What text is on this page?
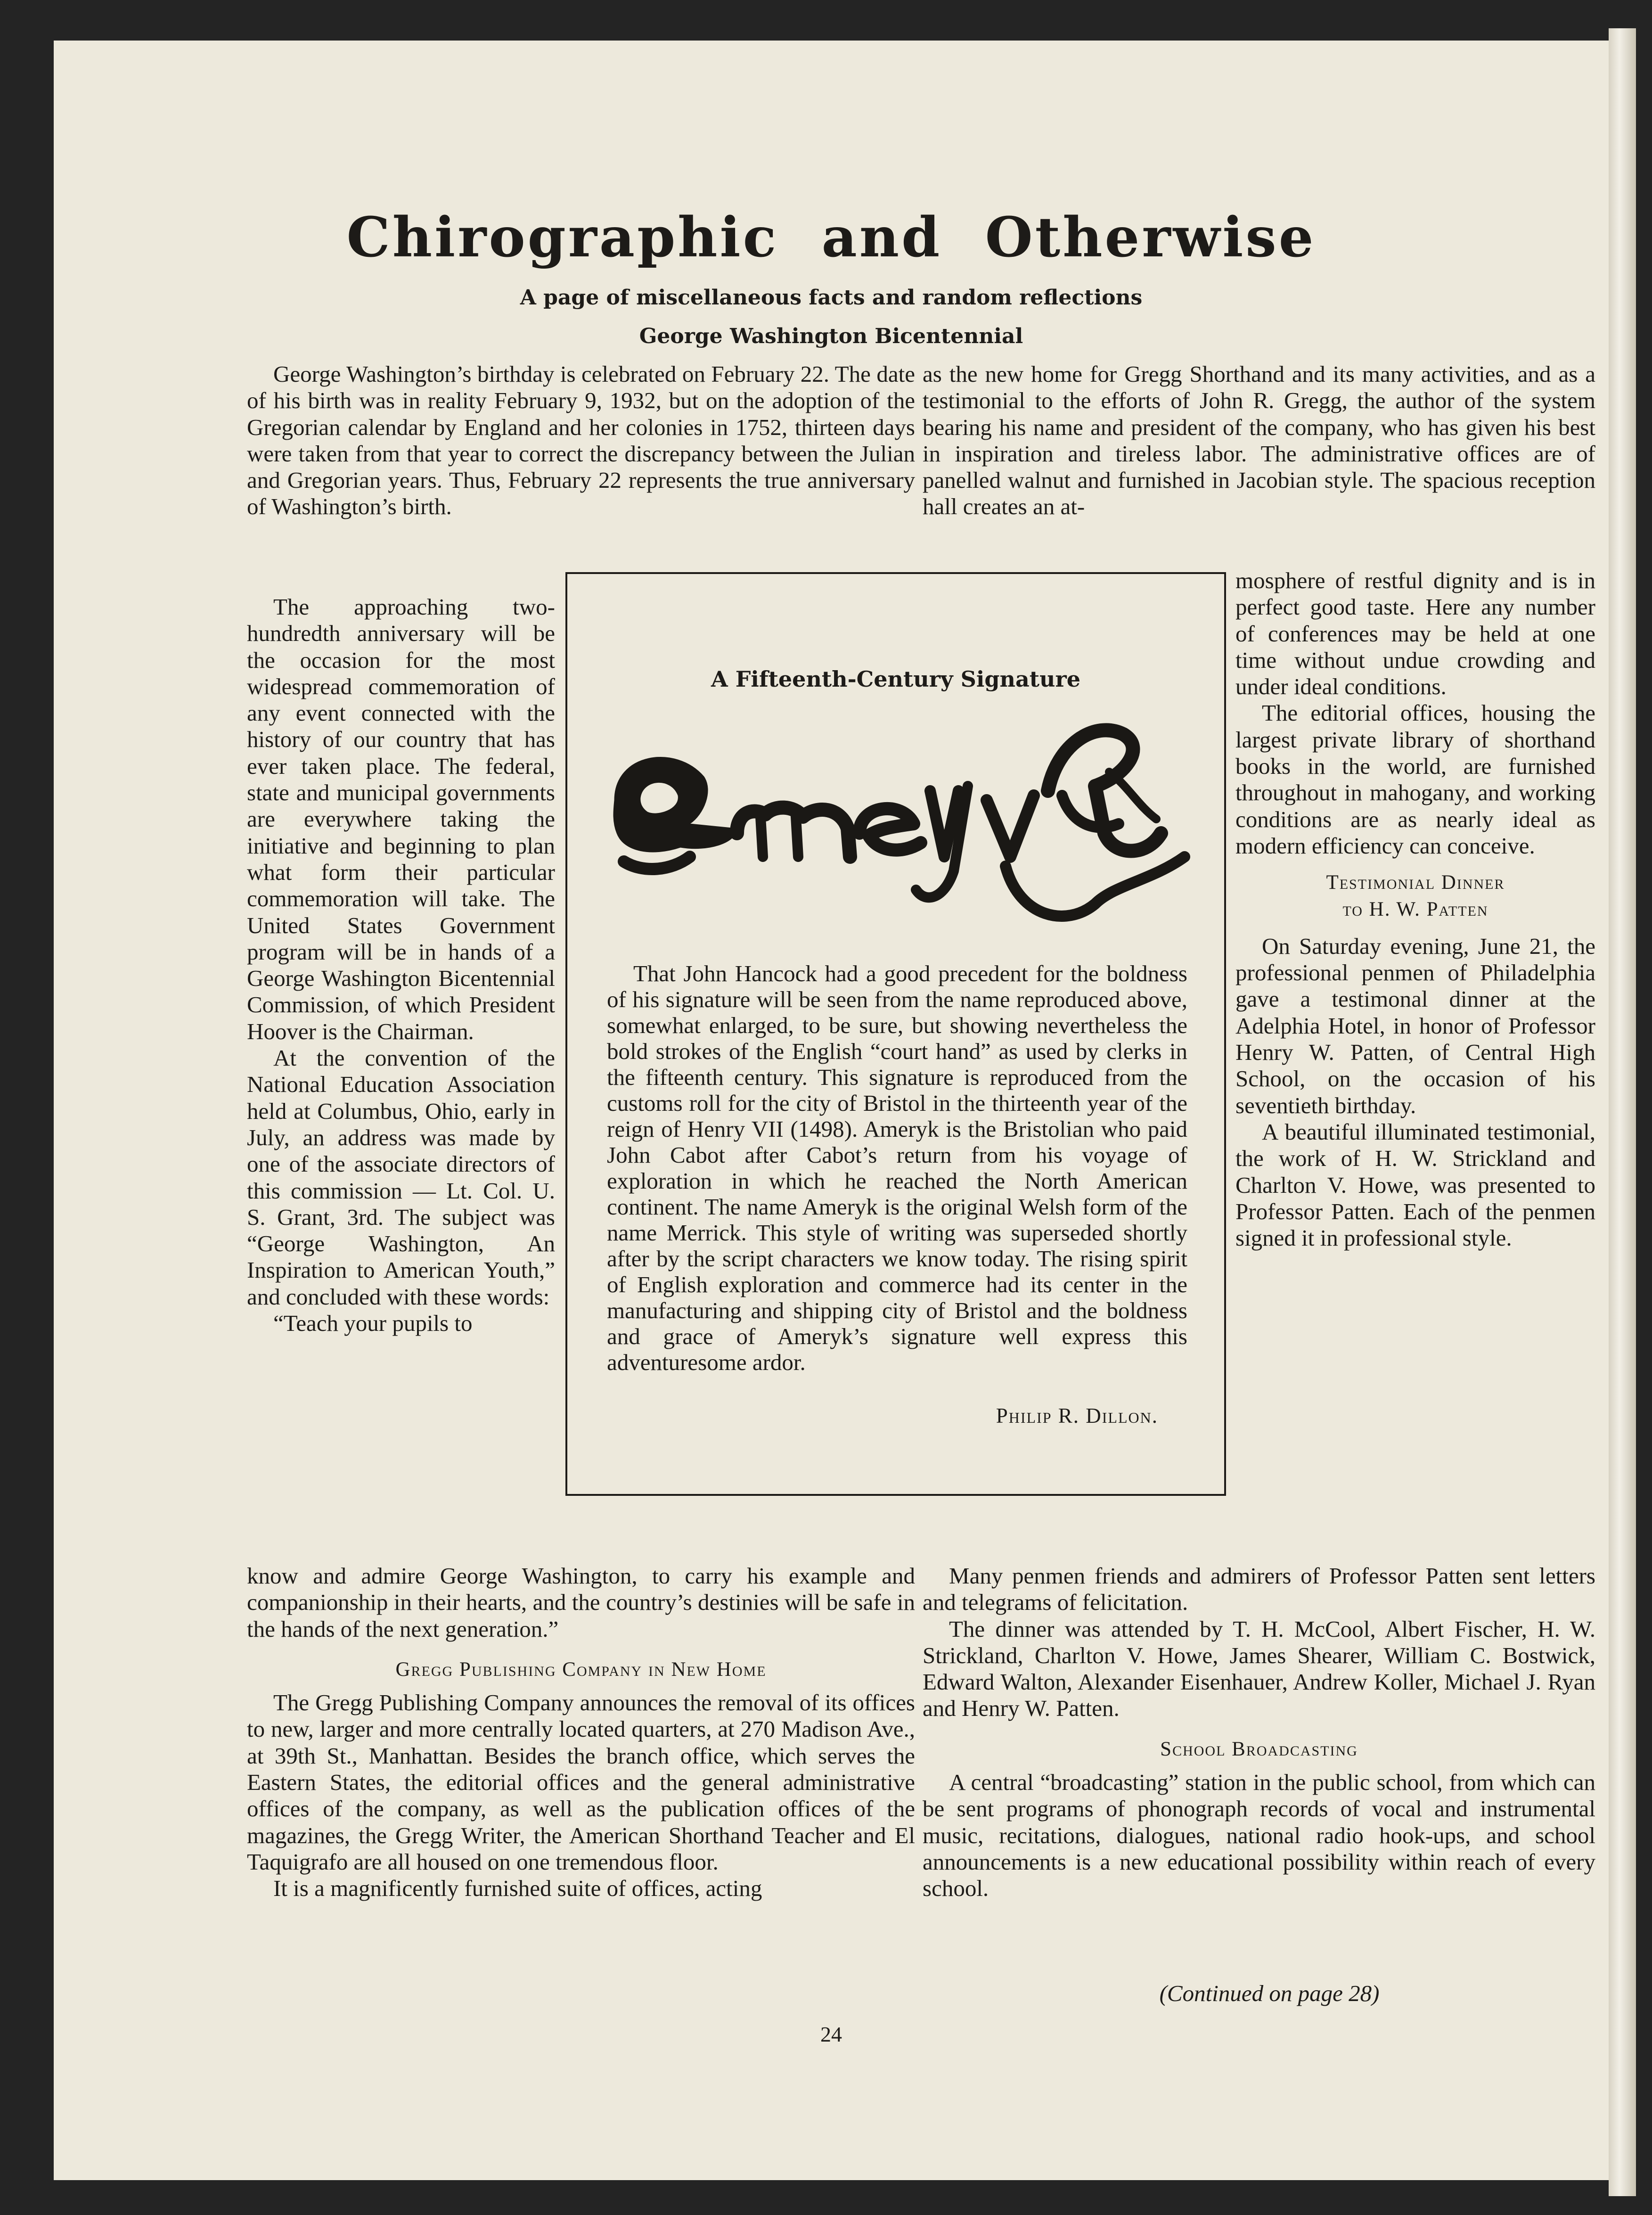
Chirographic and Otherwise
A page of miscellaneous facts and random reflections
George Washington Bicentennial

George Washington’s birthday is celebrated on February 22. The date of his birth was in reality February 9, 1932, but on the adoption of the Gregorian calendar by England and her colonies in 1752, thirteen days were taken from that year to correct the discrepancy between the Julian and Gregorian years. Thus, February 22 represents the true anniversary of Washington’s birth.

The approaching two-hundredth anniversary will be the occasion for the most widespread commemoration of any event connected with the history of our country that has ever taken place. The federal, state and municipal governments are everywhere taking the initiative and beginning to plan what form their particular commemoration will take. The United States Government program will be in hands of a George Washington Bicentennial Commission, of which President Hoover is the Chairman.

At the convention of the National Education Association held at Columbus, Ohio, early in July, an address was made by one of the associate directors of this commission — Lt. Col. U. S. Grant, 3rd. The subject was “George Washington, An Inspiration to American Youth,” and concluded with these words:

“Teach your pupils to

know and admire George Washington, to carry his example and companionship in their hearts, and the country’s destinies will be safe in the hands of the next generation.”

Gregg Publishing Company in New Home

The Gregg Publishing Company announces the removal of its offices to new, larger and more centrally located quarters, at 270 Madison Ave., at 39th St., Manhattan. Besides the branch office, which serves the Eastern States, the editorial offices and the general administrative offices of the company, as well as the publication offices of the magazines, the Gregg Writer, the American Shorthand Teacher and El Taquigrafo are all housed on one tremendous floor.

It is a magnificently furnished suite of offices, acting

as the new home for Gregg Shorthand and its many activities, and as a testimonial to the efforts of John R. Gregg, the author of the system bearing his name and president of the company, who has given his best in inspiration and tireless labor. The administrative offices are of panelled walnut and furnished in Jacobian style. The spacious reception hall creates an at-

mosphere of restful dignity and is in perfect good taste. Here any number of conferences may be held at one time without undue crowding and under ideal conditions.

The editorial offices, housing the largest private library of shorthand books in the world, are furnished throughout in mahogany, and working conditions are as nearly ideal as modern efficiency can conceive.

Testimonial Dinner

to H. W. Patten

On Saturday evening, June 21, the professional penmen of Philadelphia gave a testimonal dinner at the Adelphia Hotel, in honor of Professor Henry W. Patten, of Central High School, on the occasion of his seventieth birthday.

A beautiful illuminated testimonial, the work of H. W. Strickland and Charlton V. Howe, was presented to Professor Patten. Each of the penmen signed it in professional style.

Many penmen friends and admirers of Professor Patten sent letters and telegrams of felicitation.

The dinner was attended by T. H. McCool, Albert Fischer, H. W. Strickland, Charlton V. Howe, James Shearer, William C. Bostwick, Edward Walton, Alexander Eisenhauer, Andrew Koller, Michael J. Ryan and Henry W. Patten.

School Broadcasting

A central “broadcasting” station in the public school, from which can be sent programs of phonograph records of vocal and instrumental music, recitations, dialogues, national radio hook-ups, and school announcements is a new educational possibility within reach of every school.

(Continued on page 28)
A Fifteenth-Century Signature

That John Hancock had a good precedent for the boldness of his signature will be seen from the name reproduced above, somewhat enlarged, to be sure, but showing nevertheless the bold strokes of the English “court hand” as used by clerks in the fifteenth century. This signature is reproduced from the customs roll for the city of Bristol in the thirteenth year of the reign of Henry VII (1498). Ameryk is the Bristolian who paid John Cabot after Cabot’s return from his voyage of exploration in which he reached the North American continent. The name Ameryk is the original Welsh form of the name Merrick. This style of writing was superseded shortly after by the script characters we know today. The rising spirit of English exploration and commerce had its center in the manufacturing and shipping city of Bristol and the boldness and grace of Ameryk’s signature well express this adventuresome ardor.

Philip R. Dillon.
24
